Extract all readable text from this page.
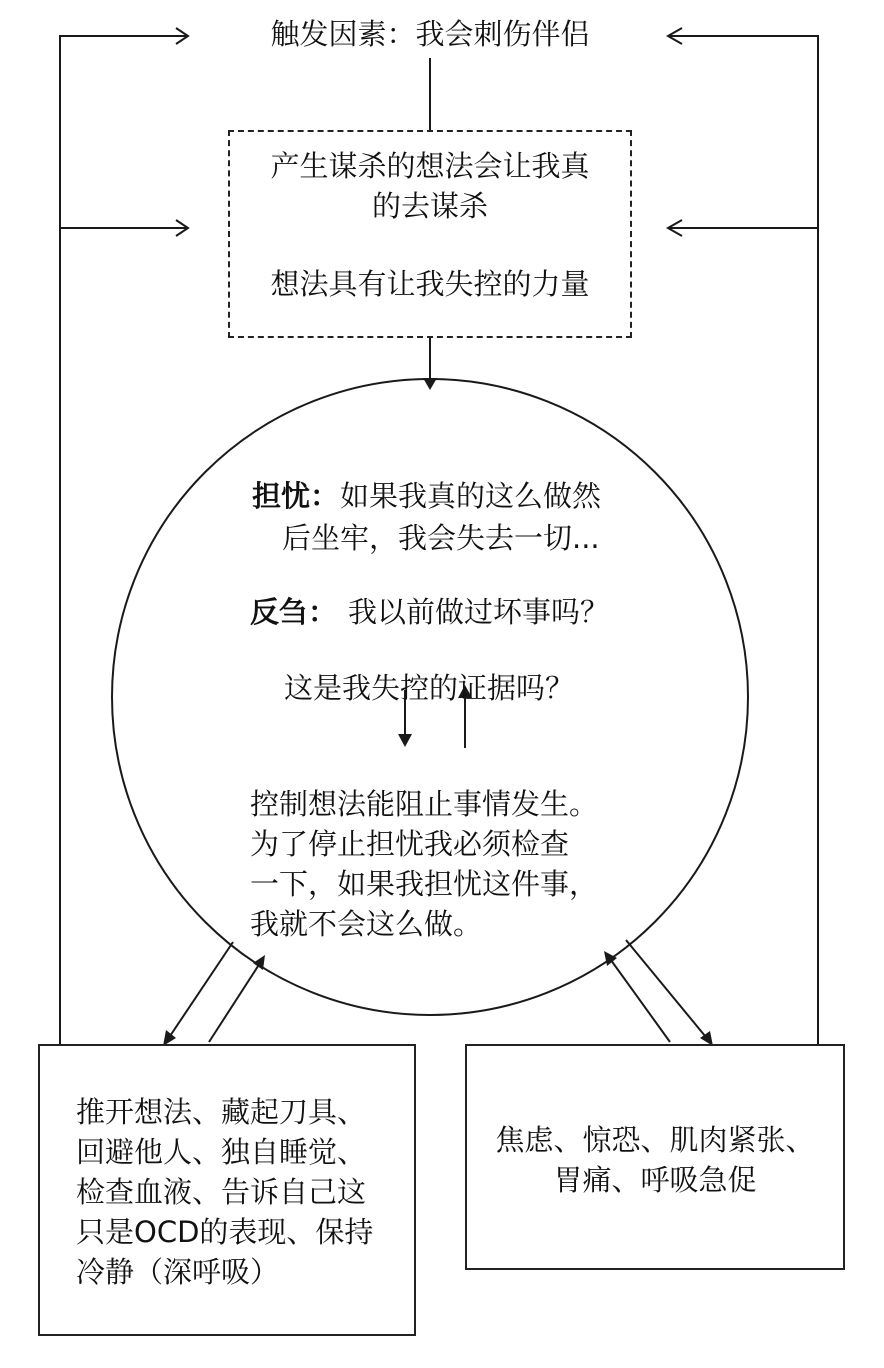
触发因素：我会刺伤伴侣
产生谋杀的想法会让我真
的去谋杀
想法具有让我失控的力量
担忧： 如果我真的这么做然
后坐牢，我会失去一切...
反刍： 我以前做过坏事吗？
这是我失控的证据吗？
控制想法能阻止事情发生。
为了停止担忧我必须检查
一下，如果我担忧这件事，
我就不会这么做。
推开想法、藏起刀具、
回避他人、独自睡觉、
检查血液、告诉自己这
只是OCD的表现、保持
冷静（深呼吸）
焦虑、惊恐、肌肉紧张、
胃痛、呼吸急促
